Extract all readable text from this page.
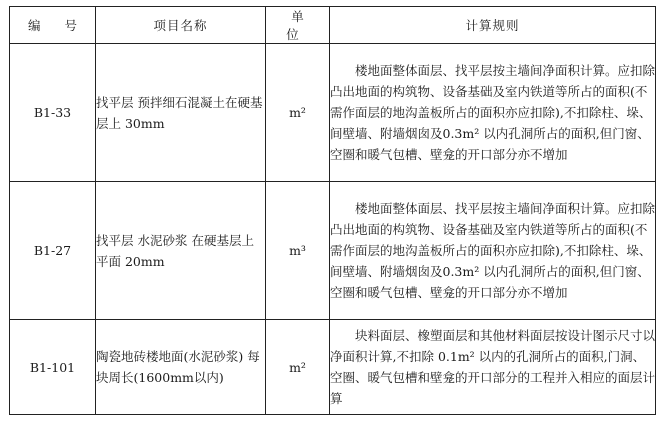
编 号	项目名称	单 位	计算规则
B1-33	找平层 预拌细石混凝土在硬基层上 30mm	m²	楼地面整体面层、找平层按主墙间净面积计算。应扣除凸出地面的构筑物、设备基础及室内铁道等所占的面积(不需作面层的地沟盖板所占的面积亦应扣除),不扣除柱、垛、间壁墙、附墙烟囱及0.3m² 以内孔洞所占的面积,但门窗、空圈和暖气包槽、壁龛的开口部分亦不增加

B1-27	找平层 水泥砂浆 在硬基层上 平面 20mm	m³	楼地面整体面层、找平层按主墙间净面积计算。应扣除凸出地面的构筑物、设备基础及室内铁道等所占的面积(不需作面层的地沟盖板所占的面积亦应扣除),不扣除柱、垛、间壁墙、附墙烟囱及0.3m² 以内孔洞所占的面积,但门窗、空圈和暖气包槽、壁龛的开口部分亦不增加

B1-101	陶瓷地砖楼地面(水泥砂浆) 每块周长(1600mm以内)	m²	块料面层、橡塑面层和其他材料面层按设计图示尺寸以净面积计算,不扣除 0.1m² 以内的孔洞所占的面积,门洞、空圈、暖气包槽和壁龛的开口部分的工程并入相应的面层计算
